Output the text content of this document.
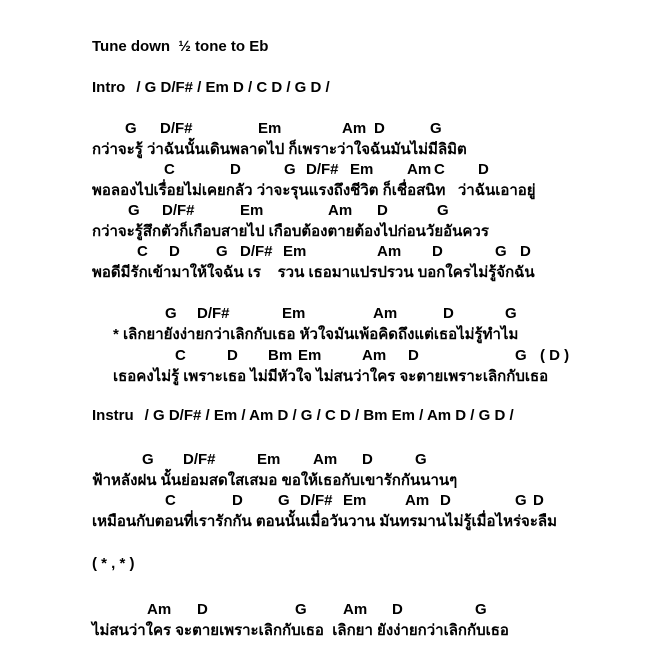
Tune down  ½ tone to Eb
Intro / G D/F# / Em D / C D / G D /
G D/F#	Em	Am D	G
กว่าจะรู้ ว่าฉันนั้นเดินพลาดไป ก็เพราะว่าใจฉันมันไม่มีลิมิต
C	D	G D/F# Em Am C D
พอลองไปเรื่อยไม่เคยกลัว ว่าจะรุนแรงถึงชีวิต ก็เชื่อสนิท   ว่าฉันเอาอยู่
G D/F#	Em	Am D	G
กว่าจะรู้สึกตัวก็เกือบสายไป เกือบต้องตายต้องไปก่อนวัยอันควร
C D G D/F# Em	Am D	G D
พอดีมีรักเข้ามาให้ใจฉัน เร    รวน เธอมาแปรปรวน บอกใครไม่รู้จักฉัน
G D/F#	Em	Am	D	G
* เลิกยายังง่ายกว่าเลิกกับเธอ หัวใจมันเพ้อคิดถึงแต่เธอไม่รู้ทำไม
C	D Bm Em	Am D	G ( D )
เธอคงไม่รู้ เพราะเธอ ไม่มีหัวใจ ไม่สนว่าใคร จะตายเพราะเลิกกับเธอ
Instru / G D/F# / Em / Am D / G / C D / Bm Em / Am D / G D /
G D/F#	Em Am D	G
ฟ้าหลังฝน นั้นย่อมสดใสเสมอ ขอให้เธอกับเขารักกันนานๆ
C	D G D/F# Em	Am D	G D
เหมือนกับตอนที่เรารักกัน ตอนนั้นเมื่อวันวาน มันทรมานไม่รู้เมื่อไหร่จะลืม
( * , * )
Am D	G Am D	G
ไม่สนว่าใคร จะตายเพราะเลิกกับเธอ  เลิกยา ยังง่ายกว่าเลิกกับเธอ
